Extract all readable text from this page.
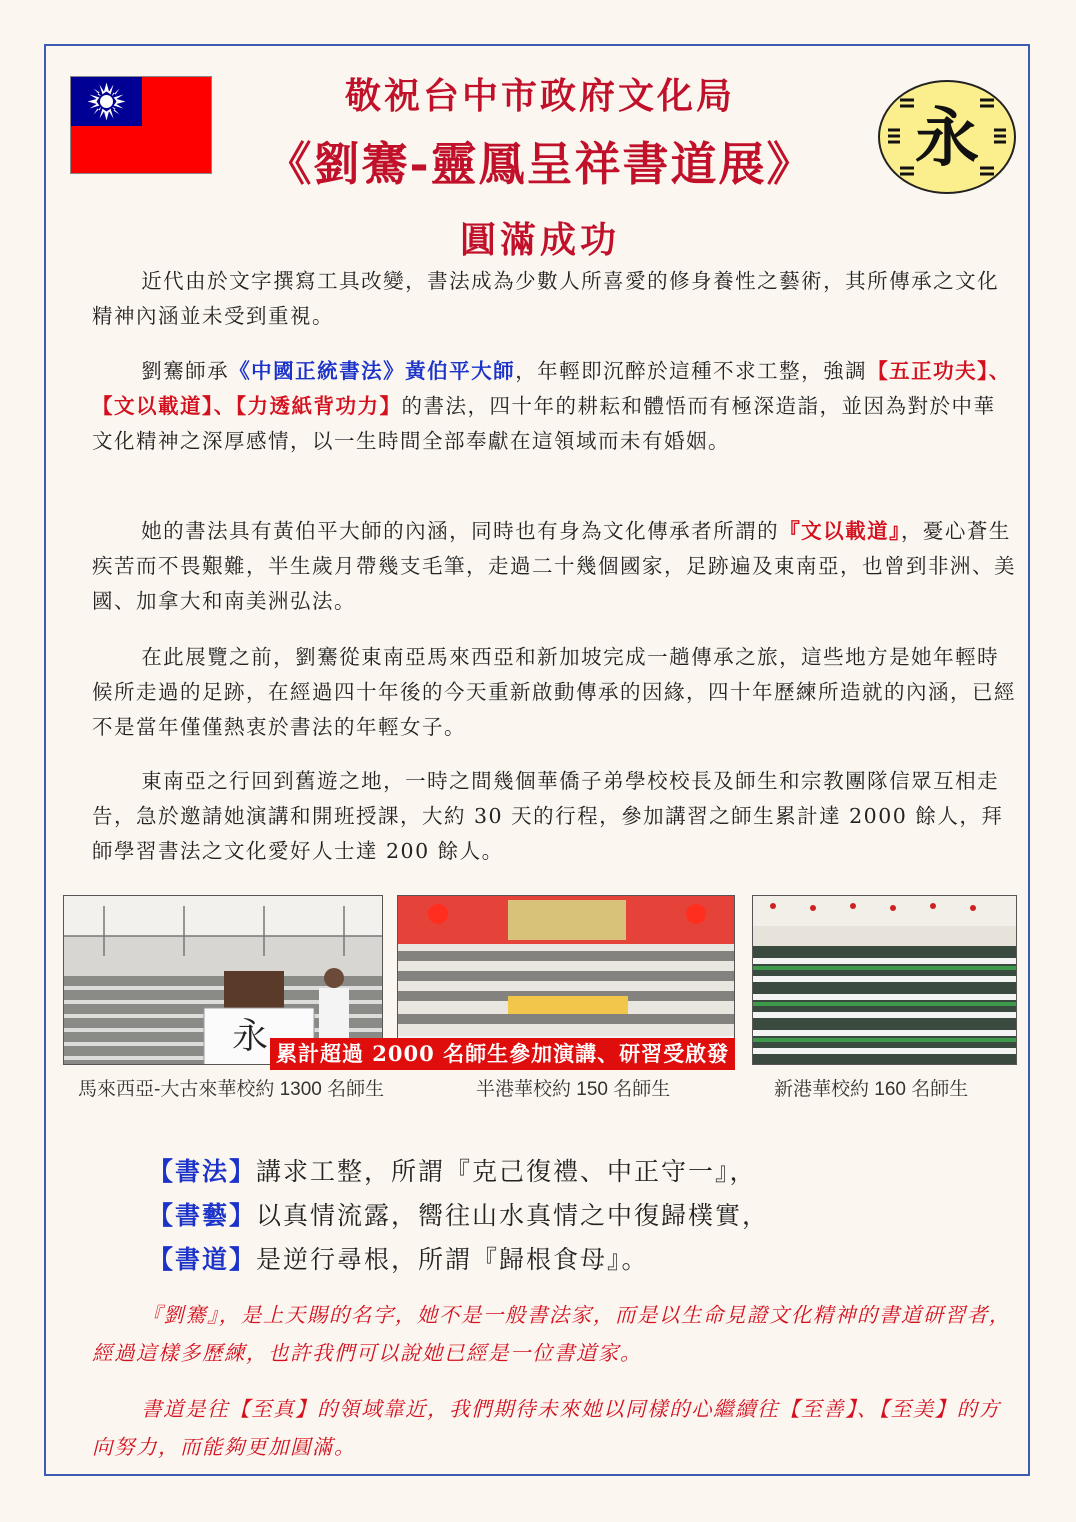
永
敬祝台中市政府文化局
《劉騫-靈鳳呈祥書道展》
圓滿成功

近代由於文字撰寫工具改變，書法成為少數人所喜愛的修身養性之藝術，其所傳承之文化精神內涵並未受到重視。

劉騫師承《中國正統書法》黃伯平大師，年輕即沉醉於這種不求工整，強調【五正功夫】、【文以載道】、【力透紙背功力】的書法，四十年的耕耘和體悟而有極深造詣，並因為對於中華文化精神之深厚感情，以一生時間全部奉獻在這領域而未有婚姻。

她的書法具有黃伯平大師的內涵，同時也有身為文化傳承者所謂的『文以載道』，憂心蒼生疾苦而不畏艱難，半生歲月帶幾支毛筆，走過二十幾個國家，足跡遍及東南亞，也曾到非洲、美國、加拿大和南美洲弘法。

在此展覽之前，劉騫從東南亞馬來西亞和新加坡完成一趟傳承之旅，這些地方是她年輕時候所走過的足跡，在經過四十年後的今天重新啟動傳承的因緣，四十年歷練所造就的內涵，已經不是當年僅僅熱衷於書法的年輕女子。

東南亞之行回到舊遊之地，一時之間幾個華僑子弟學校校長及師生和宗教團隊信眾互相走告，急於邀請她演講和開班授課，大約 30 天的行程，參加講習之師生累計達 2000 餘人，拜師學習書法之文化愛好人士達 200 餘人。

永 累計超過 2000 名師生參加演講、研習受啟發
馬來西亞-大古來華校約 1300 名師生	半港華校約 150 名師生	新港華校約 160 名師生
【書法】講求工整，所謂『克己復禮、中正守一』，
【書藝】以真情流露，嚮往山水真情之中復歸樸實，
【書道】是逆行尋根，所謂『歸根食母』。

『劉騫』，是上天賜的名字，她不是一般書法家，而是以生命見證文化精神的書道研習者，經過這樣多歷練，也許我們可以說她已經是一位書道家。

書道是往【至真】的領域靠近，我們期待未來她以同樣的心繼續往【至善】、【至美】的方向努力，而能夠更加圓滿。
